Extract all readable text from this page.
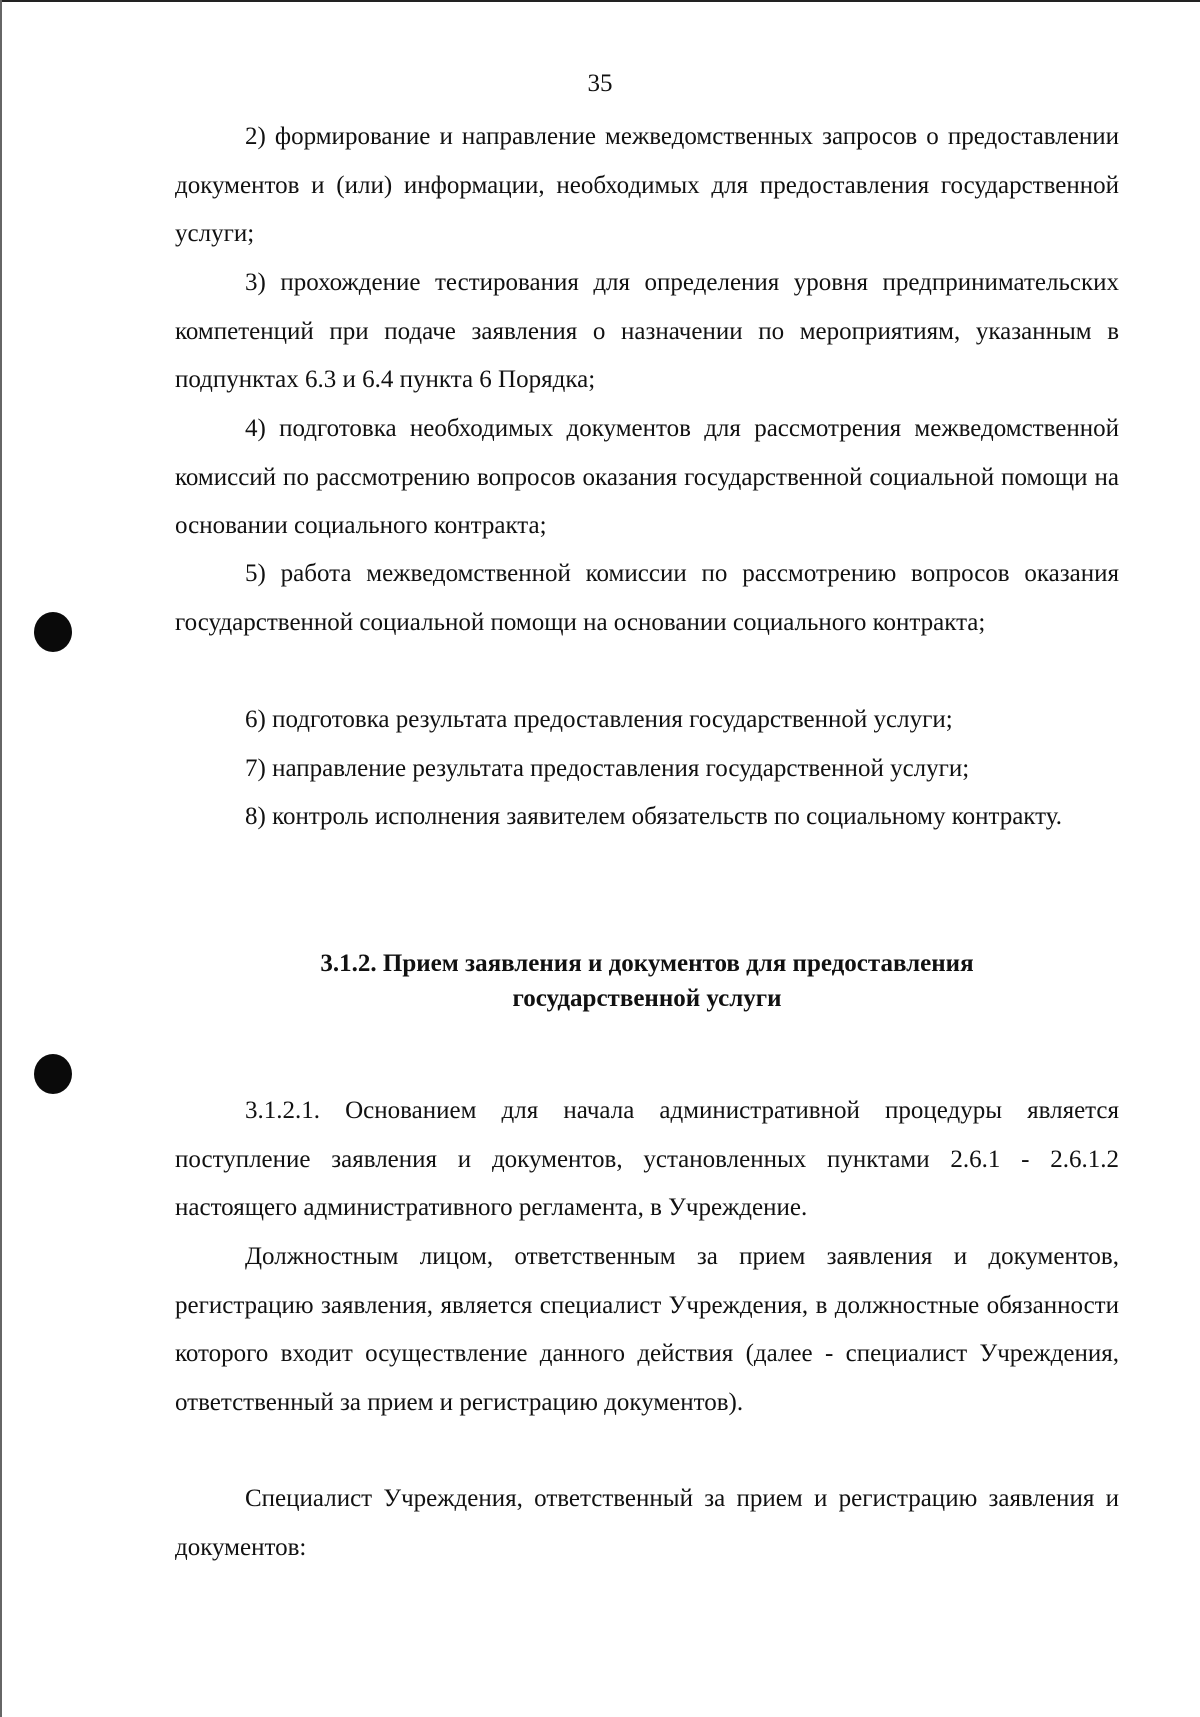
35

2) формирование и направление межведомственных запросов о предоставлении документов и (или) информации, необходимых для предоставления государственной услуги;

3) прохождение тестирования для определения уровня предпринимательских компетенций при подаче заявления о назначении по мероприятиям, указанным в подпунктах 6.3 и 6.4 пункта 6 Порядка;

4) подготовка необходимых документов для рассмотрения межведомственной комиссий по рассмотрению вопросов оказания государственной социальной помощи на основании социального контракта;

5) работа межведомственной комиссии по рассмотрению вопросов оказания государственной социальной помощи на основании социального контракта;

6) подготовка результата предоставления государственной услуги;

7) направление результата предоставления государственной услуги;

8) контроль исполнения заявителем обязательств по социальному контракту.

3.1.2. Прием заявления и документов для предоставления
государственной услуги

3.1.2.1. Основанием для начала административной процедуры является поступление заявления и документов, установленных пунктами 2.6.1 - 2.6.1.2 настоящего административного регламента, в Учреждение.

Должностным лицом, ответственным за прием заявления и документов, регистрацию заявления, является специалист Учреждения, в должностные обязанности которого входит осуществление данного действия (далее - специалист Учреждения, ответственный за прием и регистрацию документов).

Специалист Учреждения, ответственный за прием и регистрацию заявления и документов:
